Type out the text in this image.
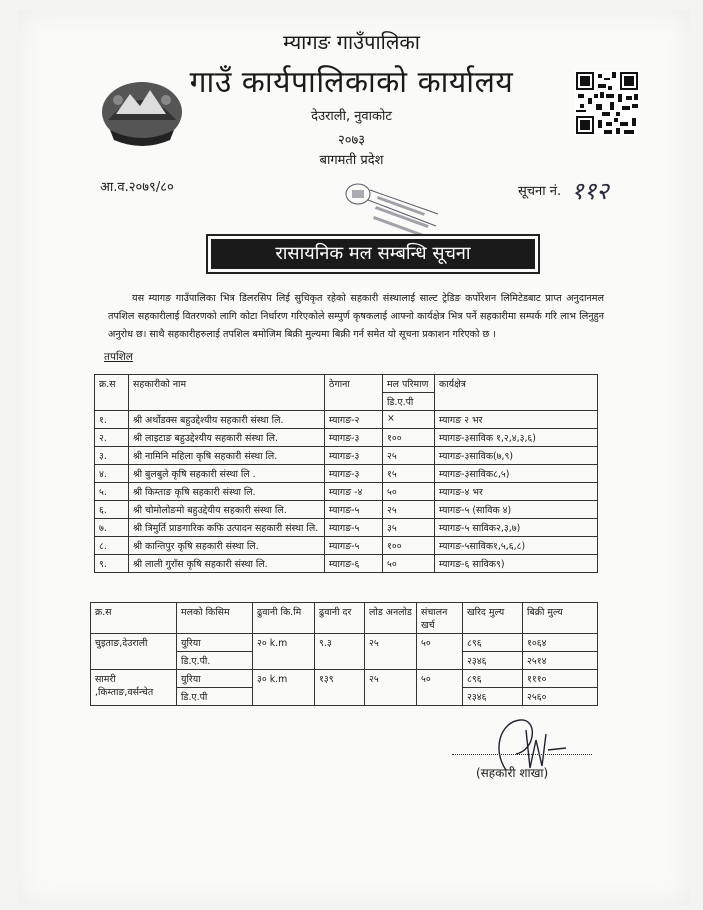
म्यागङ गाउँपालिका
गाउँ कार्यपालिकाको कार्यालय
देउराली, नुवाकोट
२०७३
बागमती प्रदेश
आ.व.२०७९/८०	सूचना नं. ११२
रासायनिक मल सम्बन्धि सूचना
यस म्यागङ गाउँपालिका भित्र डिलरसिप लिई सुचिकृत रहेको सहकारी संस्थालाई साल्ट ट्रेडिङ कर्पोरेशन लिमिटेडबाट प्राप्त अनुदानमल तपशिल सहकारीलाई वितरणको लागि कोटा निर्धारण गरिएकोले सम्पुर्ण कृषकलाई आफ्नो कार्यक्षेत्र भित्र पर्ने सहकारीमा सम्पर्क गरि लाभ लिनुहुन अनुरोध छ। साथै सहकारीहरुलाई तपशिल बमोजिम बिक्री मुल्यमा बिक्री गर्न समेत यो सूचना प्रकाशन गरिएको छ ।
तपशिल
क्र.स	सहकारीको नाम	ठेगाना	मल परिमाण	कार्यक्षेत्र
			डि.ए.पी	
१.	श्री अर्थोडक्स बहुउद्देश्यीय सहकारी संस्था लि.	म्यागङ-२	×	म्यागङ २ भर
२.	श्री लाइटाङ बहुउद्देश्यीय सहकारी संस्था लि.	म्यागङ-३	१००	म्यागङ-३साविक १,२,४,३,६)
३.	श्री नामिनि महिला कृषि सहकारी संस्था लि.	म्यागङ-३	२५	म्यागङ-३साविक(७,९)
४.	श्री बुलबुले कृषि सहकारी संस्था लि .	म्यागङ-३	१५	म्यागङ-३साविक८,५)
५.	श्री किम्ताङ कृषि सहकारी संस्था लि.	म्यागङ -४	५०	म्यागङ-४ भर
६.	श्री चोमोलोङमो बहुउद्देयीय सहकारी संस्था लि.	म्यागङ-५	२५	म्यागङ-५ (साविक ४)
७.	श्री त्रिमुर्ति प्राङगारिक कफि उत्पादन सहकारी संस्था लि.	म्यागङ-५	३५	म्यागङ-५ साविक२,३,७)
८.	श्री कान्तिपुर कृषि सहकारी संस्था लि.	म्यागङ-५	१००	म्यागङ-५साविक१,५,६,८)
९.	श्री लाली गुराँस कृषि सहकारी संस्था लि.	म्यागङ-६	५०	म्यागङ-६ साविक९)
क्र.स	मलको किसिम	ढुवानी कि.मि	ढुवानी दर	लोड अनलोड	संचालन खर्च	खरिद मुल्य	बिक्री मुल्य
चुइताङ,देउराली	युरिया	२० k.m	९.३	२५	५०	८९६	१०६४
	डि.ए.पी.					२३४६	२५१४
सामरी ,किम्ताङ,वर्सन्चेत	युरिया	३० k.m	१३९	२५	५०	८९६	१११०
	डि.ए.पी					२३४६	२५६०
(सहकारी शाखा)
